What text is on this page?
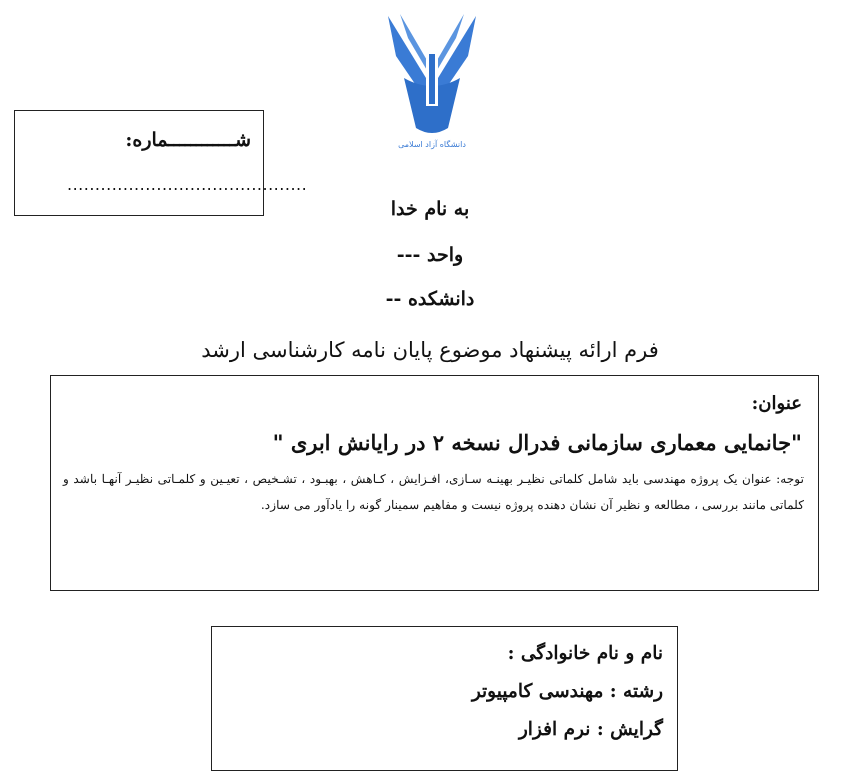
دانشگاه آزاد اسلامی
شــــــــــــماره:
...........................................
به نام خدا
واحد ---
دانشکده --
فرم ارائه پیشنهاد موضوع پایان نامه کارشناسی ارشد
عنوان:
"جانمایی معماری سازمانی فدرال نسخه ۲ در رایانش ابری "
توجه: عنوان یک پروژه مهندسی باید شامل کلماتی نظیـر بهینـه سـازی، افـزایش ، کـاهش ، بهبـود ، تشـخیص ، تعیـین و کلمـاتی نظیـر آنهـا باشد و کلماتی مانند بررسی ، مطالعه و نظیر آن نشان دهنده پروژه نیست و مفاهیم سمینار گونه را یادآور می سازد.
نام و نام خانوادگی :
رشته : مهندسی کامپیوتر
گرایش : نرم افزار
